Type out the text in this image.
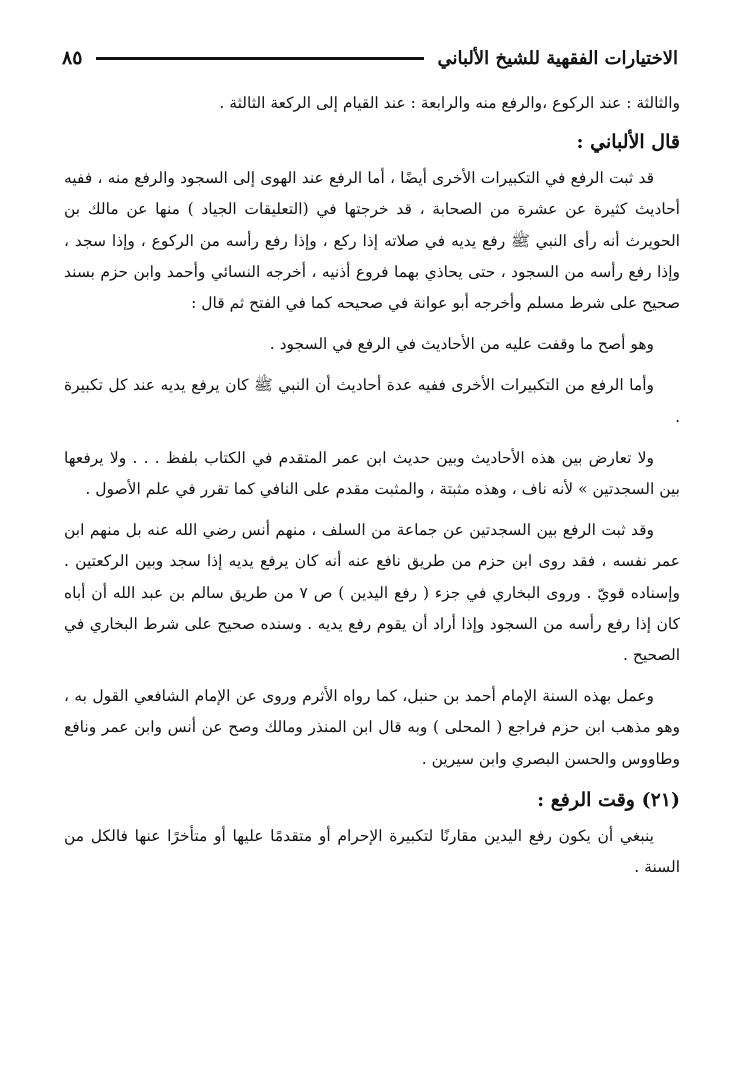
الاختيارات الفقهية للشيخ الألباني
٨٥

والثالثة : عند الركوع ،والرفع منه والرابعة : عند القيام إلى الركعة الثالثة .

قال الألباني :

قد ثبت الرفع في التكبيرات الأخرى أيضًا ، أما الرفع عند الهوى إلى السجود والرفع منه ، ففيه أحاديث كثيرة عن عشرة من الصحابة ، قد خرجتها في (التعليقات الجياد ) منها عن مالك بن الحويرث أنه رأى النبي ﷺ رفع يديه في صلاته إذا ركع ، وإذا رفع رأسه من الركوع ، وإذا سجد ، وإذا رفع رأسه من السجود ، حتى يحاذي بهما فروع أذنيه ، أخرجه النسائي وأحمد وابن حزم بسند صحيح على شرط مسلم وأخرجه أبو عوانة في صحيحه كما في الفتح ثم قال :

وهو أصح ما وقفت عليه من الأحاديث في الرفع في السجود .

وأما الرفع من التكبيرات الأخرى ففيه عدة أحاديث أن النبي ﷺ كان يرفع يديه عند كل تكبيرة .

ولا تعارض بين هذه الأحاديث وبين حديث ابن عمر المتقدم في الكتاب بلفظ . . . ولا يرفعها بين السجدتين » لأنه ناف ، وهذه مثبتة ، والمثبت مقدم على النافي كما تقرر في علم الأصول .

وقد ثبت الرفع بين السجدتين عن جماعة من السلف ، منهم أنس رضي الله عنه بل منهم ابن عمر نفسه ، فقد روى ابن حزم من طريق نافع عنه أنه كان يرفع يديه إذا سجد وبين الركعتين . وإسناده قويّ . وروى البخاري في جزء ( رفع اليدين ) ص ٧ من طريق سالم بن عبد الله أن أباه كان إذا رفع رأسه من السجود وإذا أراد أن يقوم رفع يديه . وسنده صحيح على شرط البخاري في الصحيح .

وعمل بهذه السنة الإمام أحمد بن حنبل، كما رواه الأثرم وروى عن الإمام الشافعي القول به ، وهو مذهب ابن حزم فراجع ( المحلى ) وبه قال ابن المنذر ومالك وصح عن أنس وابن عمر ونافع وطاووس والحسن البصري وابن سيرين .

(٢١) وقت الرفع :

ينبغي أن يكون رفع اليدين مقارنًا لتكبيرة الإحرام أو متقدمًا عليها أو متأخرًا عنها فالكل من السنة .
